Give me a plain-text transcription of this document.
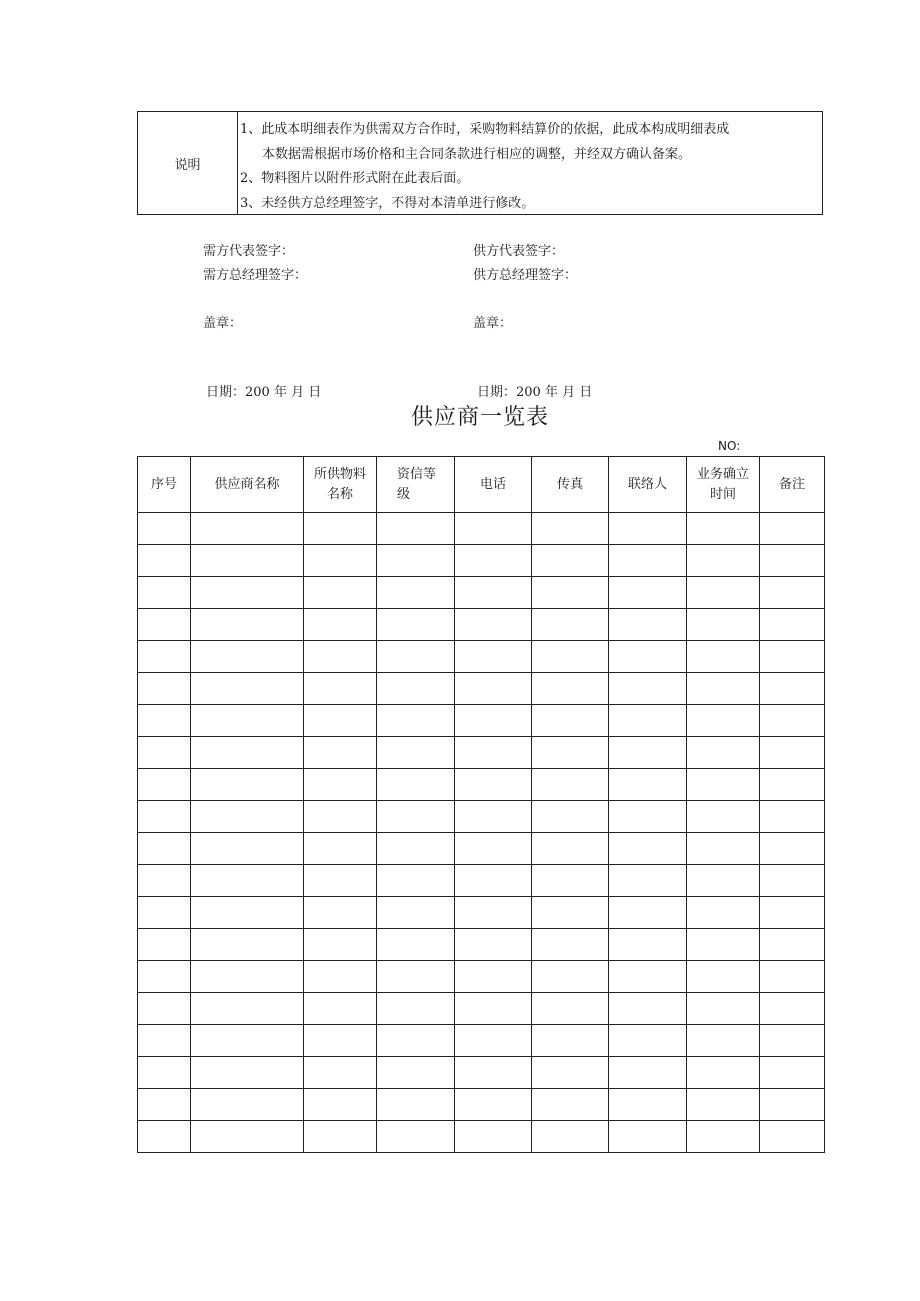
说明
1、此成本明细表作为供需双方合作时，采购物料结算价的依据，此成本构成明细表成
本数据需根据市场价格和主合同条款进行相应的调整，并经双方确认备案。
2、物料图片以附件形式附在此表后面。
3、未经供方总经理签字，不得对本清单进行修改。
需方代表签字：
需方总经理签字：
盖章：
日期：200 年 月 日
供方代表签字：
供方总经理签字：
盖章：
日期：200 年 月 日
供应商一览表
NO:
序号	供应商名称	所供物料名称	资信等级	电话	传真	联络人	业务确立时间	备注
